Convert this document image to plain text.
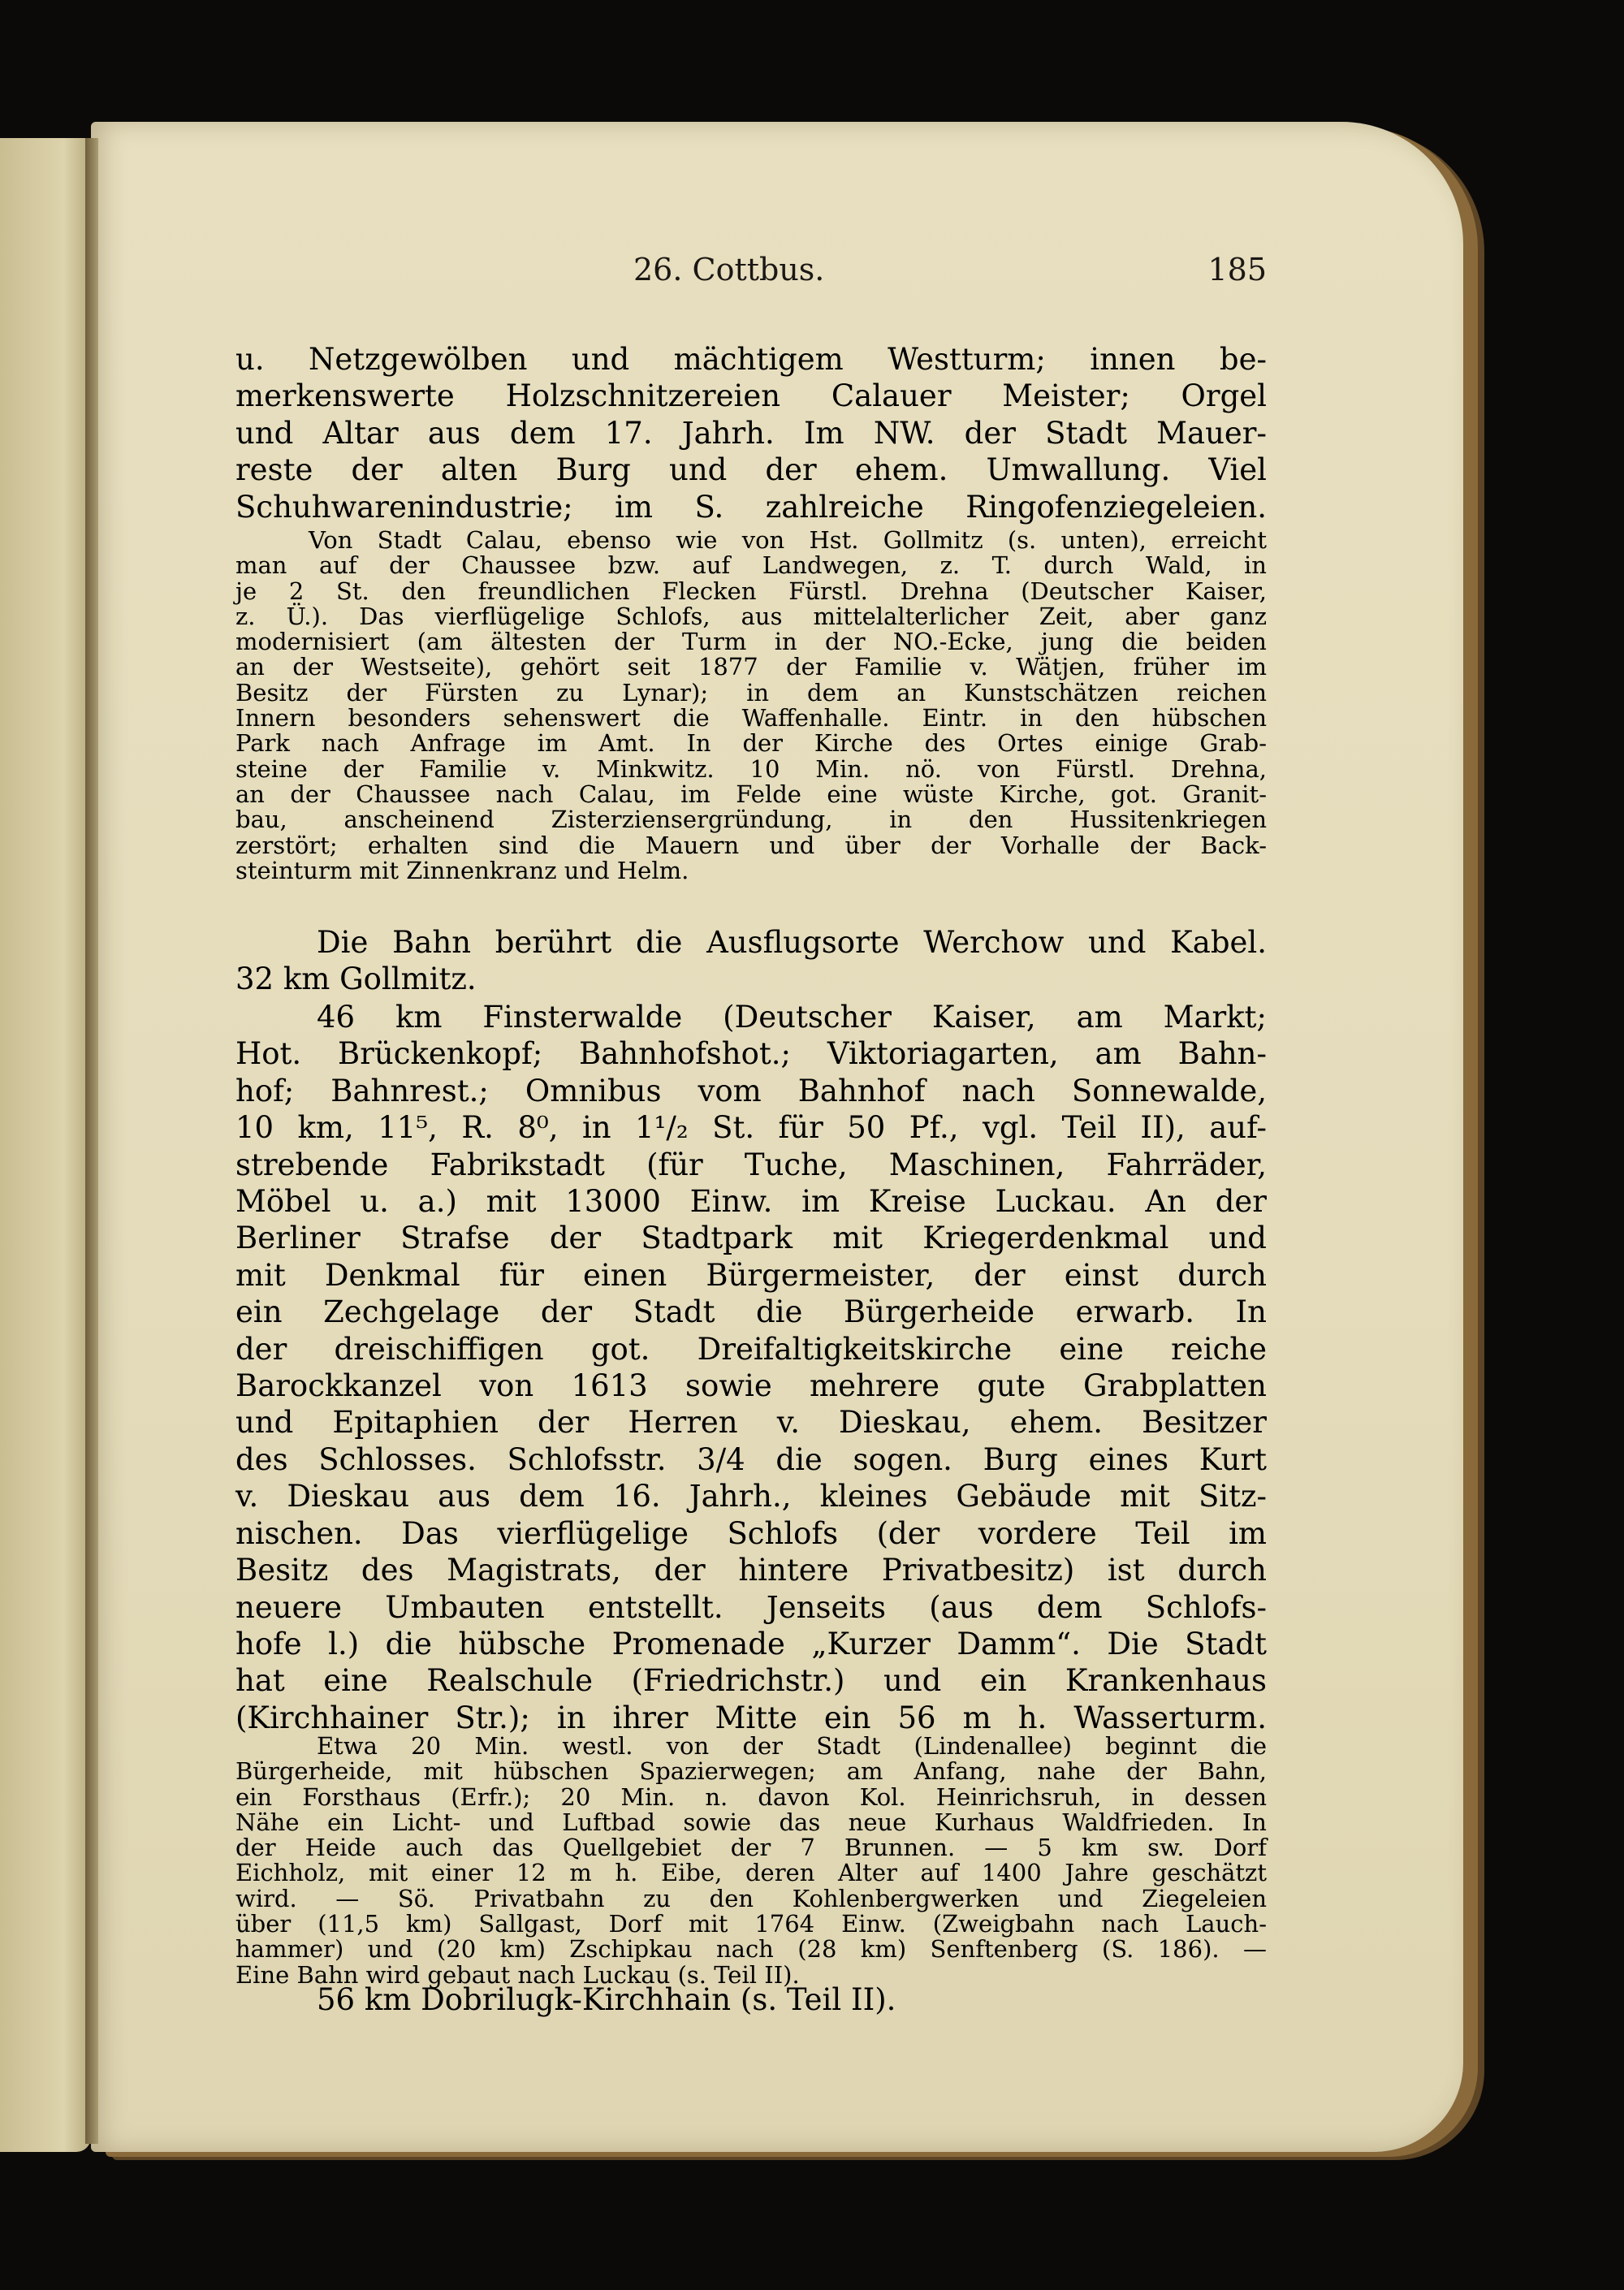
26. Cottbus.	185
u. Netzgewölben und mächtigem Westturm; innen be-
merkenswerte Holzschnitzereien Calauer Meister; Orgel
und Altar aus dem 17. Jahrh. Im NW. der Stadt Mauer-
reste der alten Burg und der ehem. Umwallung. Viel
Schuhwarenindustrie; im S. zahlreiche Ringofenziegeleien.
Von Stadt Calau, ebenso wie von Hst. Gollmitz (s. unten), erreicht
man auf der Chaussee bzw. auf Landwegen, z. T. durch Wald, in
je 2 St. den freundlichen Flecken Fürstl. Drehna (Deutscher Kaiser,
z. Ü.). Das vierflügelige Schlofs, aus mittelalterlicher Zeit, aber ganz
modernisiert (am ältesten der Turm in der NO.-Ecke, jung die beiden
an der Westseite), gehört seit 1877 der Familie v. Wätjen, früher im
Besitz der Fürsten zu Lynar); in dem an Kunstschätzen reichen
Innern besonders sehenswert die Waffenhalle. Eintr. in den hübschen
Park nach Anfrage im Amt. In der Kirche des Ortes einige Grab-
steine der Familie v. Minkwitz. 10 Min. nö. von Fürstl. Drehna,
an der Chaussee nach Calau, im Felde eine wüste Kirche, got. Granit-
bau, anscheinend Zisterziensergründung, in den Hussitenkriegen
zerstört; erhalten sind die Mauern und über der Vorhalle der Back-
steinturm mit Zinnenkranz und Helm.
Die Bahn berührt die Ausflugsorte Werchow und Kabel.
32 km Gollmitz.
46 km Finsterwalde (Deutscher Kaiser, am Markt;
Hot. Brückenkopf; Bahnhofshot.; Viktoriagarten, am Bahn-
hof; Bahnrest.; Omnibus vom Bahnhof nach Sonnewalde,
10 km, 11⁵, R. 8⁰, in 1¹/₂ St. für 50 Pf., vgl. Teil II), auf-
strebende Fabrikstadt (für Tuche, Maschinen, Fahrräder,
Möbel u. a.) mit 13000 Einw. im Kreise Luckau. An der
Berliner Strafse der Stadtpark mit Kriegerdenkmal und
mit Denkmal für einen Bürgermeister, der einst durch
ein Zechgelage der Stadt die Bürgerheide erwarb. In
der dreischiffigen got. Dreifaltigkeitskirche eine reiche
Barockkanzel von 1613 sowie mehrere gute Grabplatten
und Epitaphien der Herren v. Dieskau, ehem. Besitzer
des Schlosses. Schlofsstr. 3/4 die sogen. Burg eines Kurt
v. Dieskau aus dem 16. Jahrh., kleines Gebäude mit Sitz-
nischen. Das vierflügelige Schlofs (der vordere Teil im
Besitz des Magistrats, der hintere Privatbesitz) ist durch
neuere Umbauten entstellt. Jenseits (aus dem Schlofs-
hofe l.) die hübsche Promenade „Kurzer Damm“. Die Stadt
hat eine Realschule (Friedrichstr.) und ein Krankenhaus
(Kirchhainer Str.); in ihrer Mitte ein 56 m h. Wasserturm.
Etwa 20 Min. westl. von der Stadt (Lindenallee) beginnt die
Bürgerheide, mit hübschen Spazierwegen; am Anfang, nahe der Bahn,
ein Forsthaus (Erfr.); 20 Min. n. davon Kol. Heinrichsruh, in dessen
Nähe ein Licht- und Luftbad sowie das neue Kurhaus Waldfrieden. In
der Heide auch das Quellgebiet der 7 Brunnen. — 5 km sw. Dorf
Eichholz, mit einer 12 m h. Eibe, deren Alter auf 1400 Jahre geschätzt
wird. — Sö. Privatbahn zu den Kohlenbergwerken und Ziegeleien
über (11,5 km) Sallgast, Dorf mit 1764 Einw. (Zweigbahn nach Lauch-
hammer) und (20 km) Zschipkau nach (28 km) Senftenberg (S. 186). —
Eine Bahn wird gebaut nach Luckau (s. Teil II).
56 km Dobrilugk-Kirchhain (s. Teil II).
